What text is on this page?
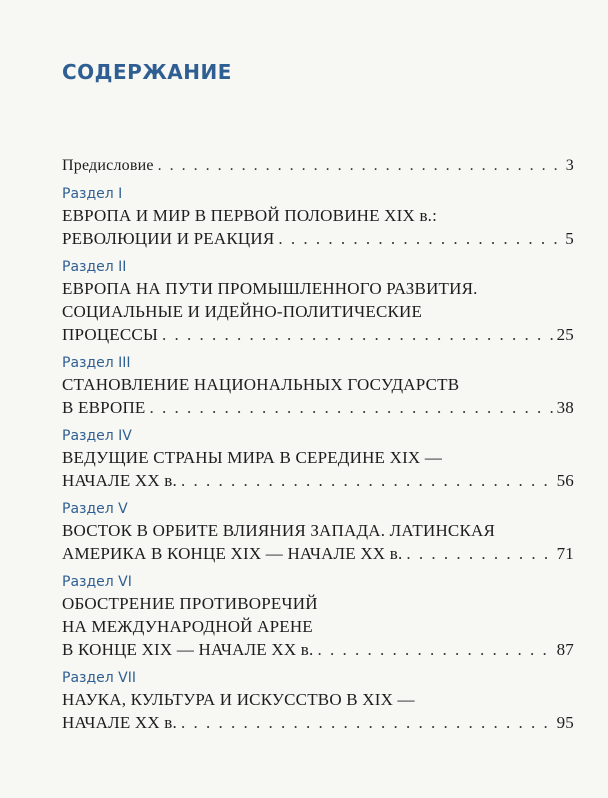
СОДЕРЖАНИЕ
Предисловие . . .	3
Раздел I
ЕВРОПА И МИР В ПЕРВОЙ ПОЛОВИНЕ XIX в.:
РЕВОЛЮЦИИ И РЕАКЦИЯ . . .	5
Раздел II
ЕВРОПА НА ПУТИ ПРОМЫШЛЕННОГО РАЗВИТИЯ.
СОЦИАЛЬНЫЕ И ИДЕЙНО-ПОЛИТИЧЕСКИЕ
ПРОЦЕССЫ . . .	25
Раздел III
СТАНОВЛЕНИЕ НАЦИОНАЛЬНЫХ ГОСУДАРСТВ
В ЕВРОПЕ . . .	38
Раздел IV
ВЕДУЩИЕ СТРАНЫ МИРА В СЕРЕДИНЕ XIX —
НАЧАЛЕ XX в. . . .	56
Раздел V
ВОСТОК В ОРБИТЕ ВЛИЯНИЯ ЗАПАДА. ЛАТИНСКАЯ
АМЕРИКА В КОНЦЕ XIX — НАЧАЛЕ XX в. . . .	71
Раздел VI
ОБОСТРЕНИЕ ПРОТИВОРЕЧИЙ
НА МЕЖДУНАРОДНОЙ АРЕНЕ
В КОНЦЕ XIX — НАЧАЛЕ XX в. . . .	87
Раздел VII
НАУКА, КУЛЬТУРА И ИСКУССТВО В XIX —
НАЧАЛЕ XX в. . . .	95
